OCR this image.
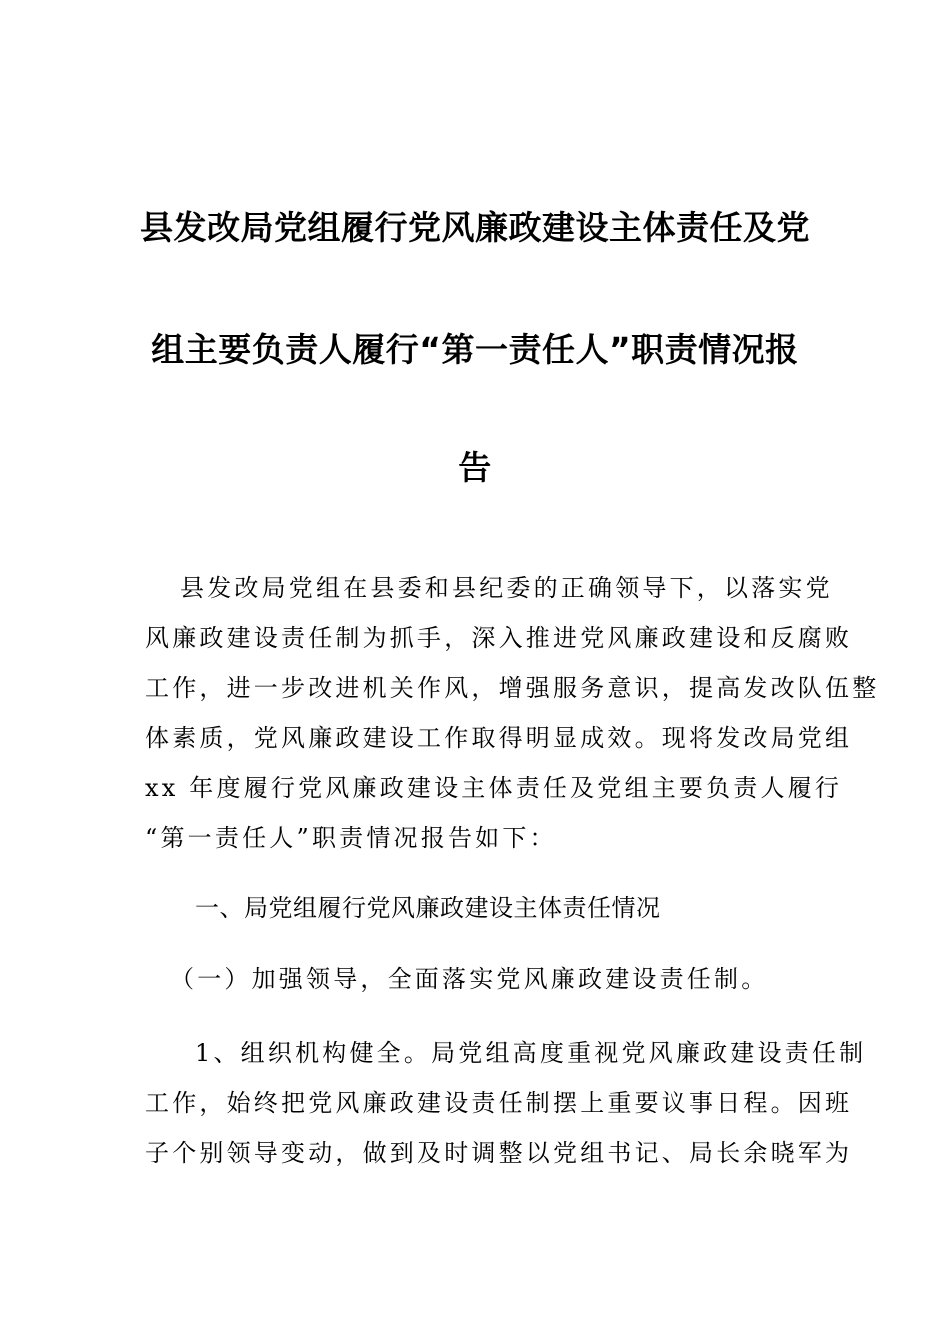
县发改局党组履行党风廉政建设主体责任及党
组主要负责人履行“第一责任人”职责情况报
告
县发改局党组在县委和县纪委的正确领导下，以落实党
风廉政建设责任制为抓手，深入推进党风廉政建设和反腐败
工作，进一步改进机关作风，增强服务意识，提高发改队伍整
体素质，党风廉政建设工作取得明显成效。现将发改局党组
xx 年度履行党风廉政建设主体责任及党组主要负责人履行
“第一责任人”职责情况报告如下：
一、局党组履行党风廉政建设主体责任情况
（一）加强领导，全面落实党风廉政建设责任制。
1、组织机构健全。局党组高度重视党风廉政建设责任制
工作，始终把党风廉政建设责任制摆上重要议事日程。因班
子个别领导变动，做到及时调整以党组书记、局长余晓军为
